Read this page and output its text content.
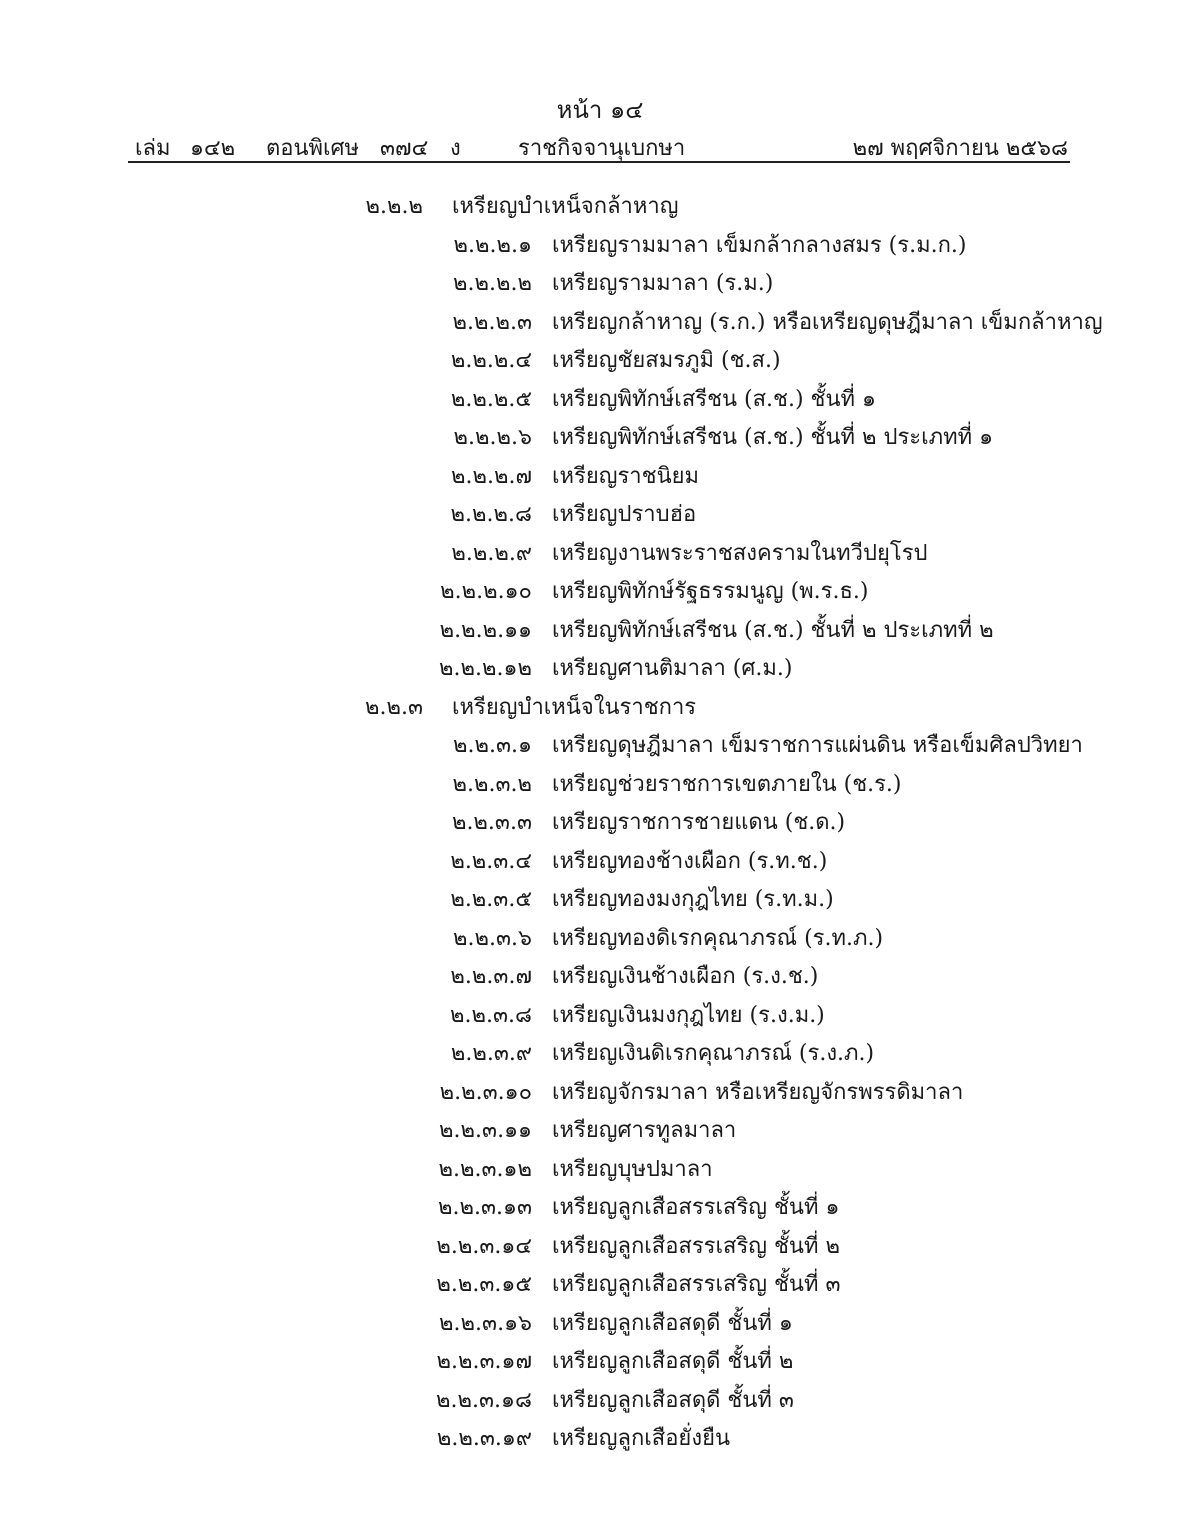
หน้า ๑๔
เล่ม ๑๔๒ ตอนพิเศษ ๓๗๔ ง	ราชกิจจานุเบกษา	๒๗ พฤศจิกายน ๒๕๖๘
๒.๒.๒ เหรียญบำเหน็จกล้าหาญ
๒.๒.๒.๑ เหรียญรามมาลา เข็มกล้ากลางสมร (ร.ม.ก.)
๒.๒.๒.๒ เหรียญรามมาลา (ร.ม.)
๒.๒.๒.๓ เหรียญกล้าหาญ (ร.ก.) หรือเหรียญดุษฎีมาลา เข็มกล้าหาญ
๒.๒.๒.๔ เหรียญชัยสมรภูมิ (ช.ส.)
๒.๒.๒.๕ เหรียญพิทักษ์เสรีชน (ส.ช.) ชั้นที่ ๑
๒.๒.๒.๖ เหรียญพิทักษ์เสรีชน (ส.ช.) ชั้นที่ ๒ ประเภทที่ ๑
๒.๒.๒.๗ เหรียญราชนิยม
๒.๒.๒.๘ เหรียญปราบฮ่อ
๒.๒.๒.๙ เหรียญงานพระราชสงครามในทวีปยุโรป
๒.๒.๒.๑๐ เหรียญพิทักษ์รัฐธรรมนูญ (พ.ร.ธ.)
๒.๒.๒.๑๑ เหรียญพิทักษ์เสรีชน (ส.ช.) ชั้นที่ ๒ ประเภทที่ ๒
๒.๒.๒.๑๒ เหรียญศานติมาลา (ศ.ม.)
๒.๒.๓ เหรียญบำเหน็จในราชการ
๒.๒.๓.๑ เหรียญดุษฎีมาลา เข็มราชการแผ่นดิน หรือเข็มศิลปวิทยา
๒.๒.๓.๒ เหรียญช่วยราชการเขตภายใน (ช.ร.)
๒.๒.๓.๓ เหรียญราชการชายแดน (ช.ด.)
๒.๒.๓.๔ เหรียญทองช้างเผือก (ร.ท.ช.)
๒.๒.๓.๕ เหรียญทองมงกุฎไทย (ร.ท.ม.)
๒.๒.๓.๖ เหรียญทองดิเรกคุณาภรณ์ (ร.ท.ภ.)
๒.๒.๓.๗ เหรียญเงินช้างเผือก (ร.ง.ช.)
๒.๒.๓.๘ เหรียญเงินมงกุฎไทย (ร.ง.ม.)
๒.๒.๓.๙ เหรียญเงินดิเรกคุณาภรณ์ (ร.ง.ภ.)
๒.๒.๓.๑๐ เหรียญจักรมาลา หรือเหรียญจักรพรรดิมาลา
๒.๒.๓.๑๑ เหรียญศารทูลมาลา
๒.๒.๓.๑๒ เหรียญบุษปมาลา
๒.๒.๓.๑๓ เหรียญลูกเสือสรรเสริญ ชั้นที่ ๑
๒.๒.๓.๑๔ เหรียญลูกเสือสรรเสริญ ชั้นที่ ๒
๒.๒.๓.๑๕ เหรียญลูกเสือสรรเสริญ ชั้นที่ ๓
๒.๒.๓.๑๖ เหรียญลูกเสือสดุดี ชั้นที่ ๑
๒.๒.๓.๑๗ เหรียญลูกเสือสดุดี ชั้นที่ ๒
๒.๒.๓.๑๘ เหรียญลูกเสือสดุดี ชั้นที่ ๓
๒.๒.๓.๑๙ เหรียญลูกเสือยั่งยืน
